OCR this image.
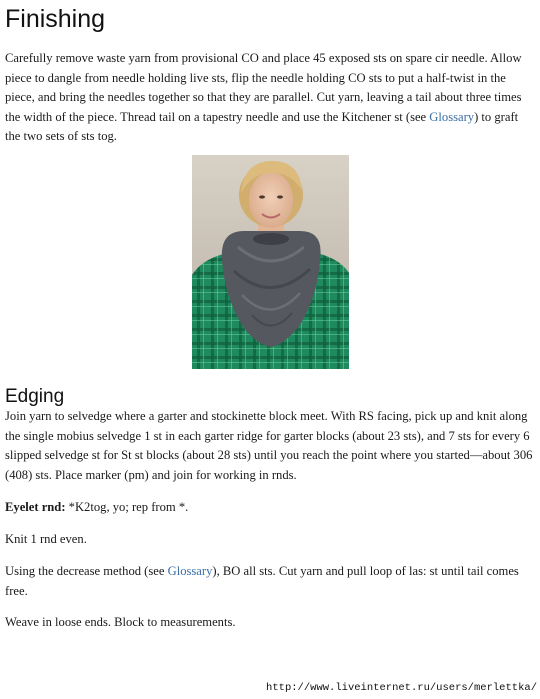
Finishing

Carefully remove waste yarn from provisional CO and place 45 exposed sts on spare cir needle. Allow piece to dangle from needle holding live sts, flip the needle holding CO sts to put a half-twist in the piece, and bring the needles together so that they are parallel. Cut yarn, leaving a tail about three times the width of the piece. Thread tail on a tapestry needle and use the Kitchener st (see Glossary) to graft the two sets of sts tog.

Edging

Join yarn to selvedge where a garter and stockinette block meet. With RS facing, pick up and knit along the single mobius selvedge 1 st in each garter ridge for garter blocks (about 23 sts), and 7 sts for every 6 slipped selvedge st for St st blocks (about 28 sts) until you reach the point where you started—about 306 (408) sts. Place marker (pm) and join for working in rnds.

Eyelet rnd: *K2tog, yo; rep from *.

Knit 1 rnd even.

Using the decrease method (see Glossary), BO all sts. Cut yarn and pull loop of las: st until tail comes free.

Weave in loose ends. Block to measurements.

http://www.liveinternet.ru/users/merlettka/
